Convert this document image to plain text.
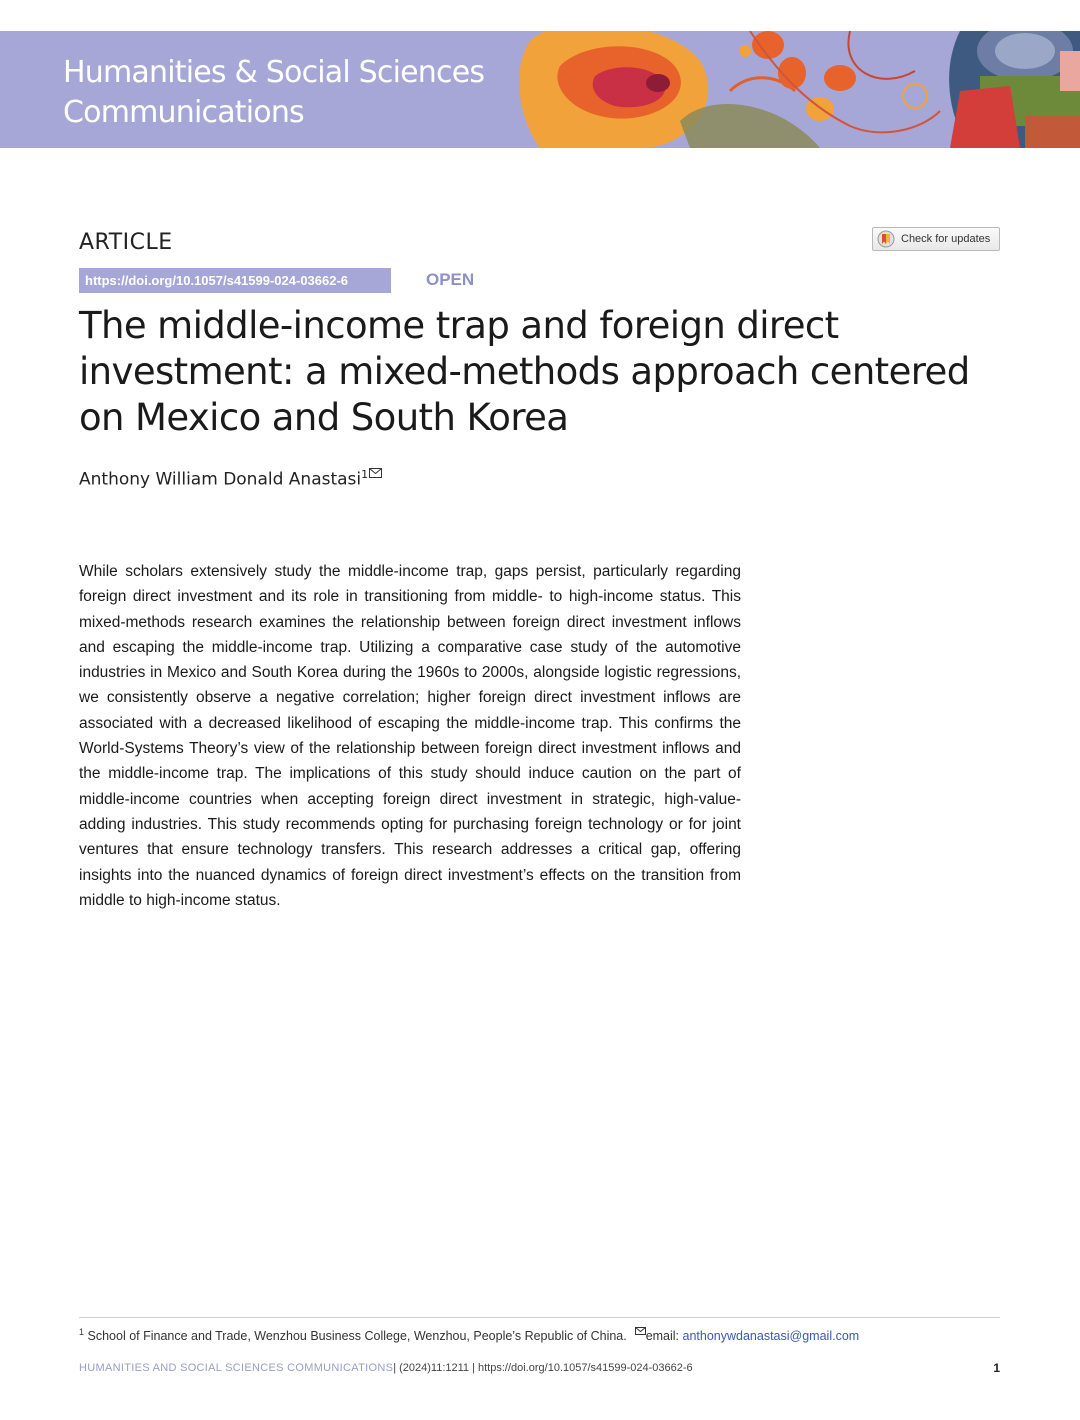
Humanities & Social Sciences
Communications
ARTICLE	Check for updates
https://doi.org/10.1057/s41599-024-03662-6	OPEN
The middle-income trap and foreign direct investment: a mixed-methods approach centered on Mexico and South Korea
Anthony William Donald Anastasi$^1$

While scholars extensively study the middle-income trap, gaps persist, particularly regarding foreign direct investment and its role in transitioning from middle- to high-income status. This mixed-methods research examines the relationship between foreign direct investment inflows and escaping the middle-income trap. Utilizing a comparative case study of the automotive industries in Mexico and South Korea during the 1960s to 2000s, alongside logistic regressions, we consistently observe a negative correlation; higher foreign direct investment inflows are associated with a decreased likelihood of escaping the middle-income trap. This confirms the World-Systems Theory’s view of the relationship between foreign direct investment inflows and the middle-income trap. The implications of this study should induce caution on the part of middle-income countries when accepting foreign direct investment in strategic, high-value-adding industries. This study recommends opting for purchasing foreign technology or for joint ventures that ensure technology transfers. This research addresses a critical gap, offering insights into the nuanced dynamics of foreign direct investment’s effects on the transition from middle to high-income status.

$^1$ School of Finance and Trade, Wenzhou Business College, Wenzhou, People’s Republic of China. email: anthonywdanastasi@gmail.com
HUMANITIES AND SOCIAL SCIENCES COMMUNICATIONS| (2024)11:1211 | https://doi.org/10.1057/s41599-024-03662-6	1
